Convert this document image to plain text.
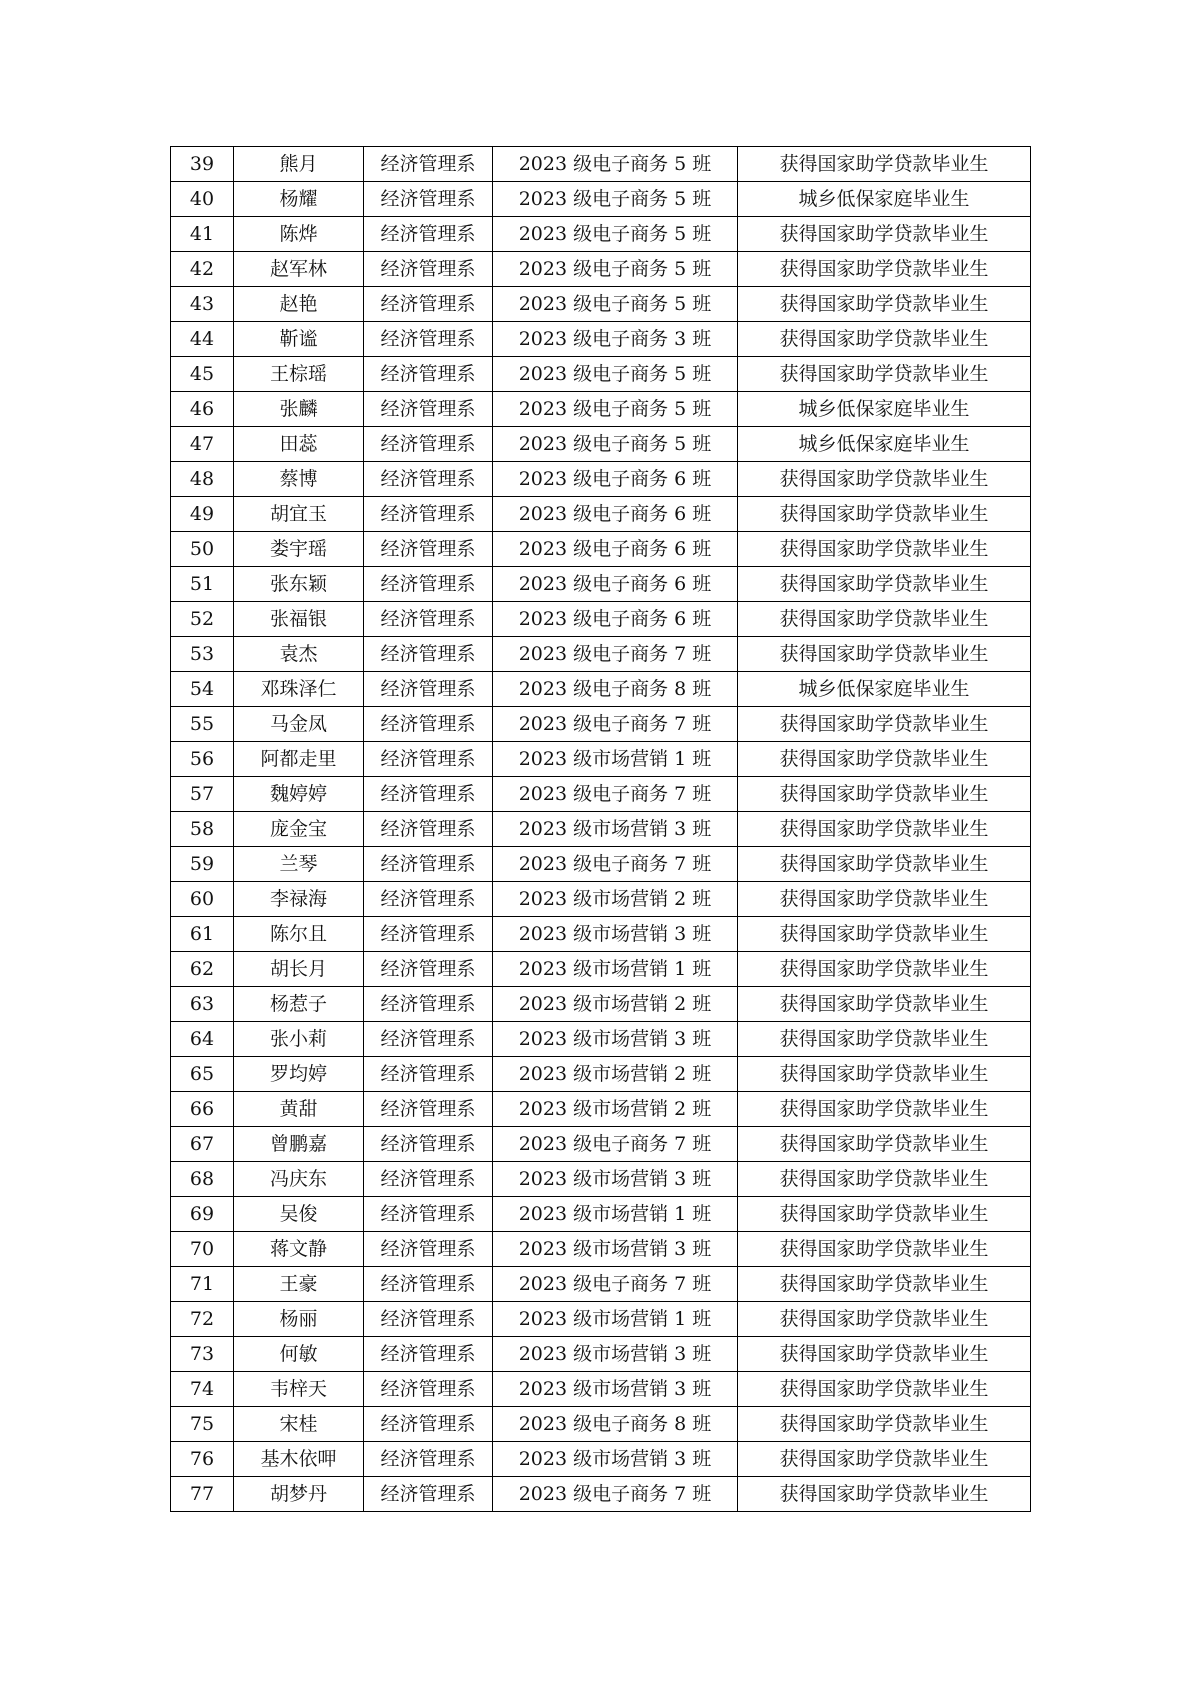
39	熊月	经济管理系	2023 级电子商务 5 班	获得国家助学贷款毕业生
40	杨耀	经济管理系	2023 级电子商务 5 班	城乡低保家庭毕业生
41	陈烨	经济管理系	2023 级电子商务 5 班	获得国家助学贷款毕业生
42	赵军林	经济管理系	2023 级电子商务 5 班	获得国家助学贷款毕业生
43	赵艳	经济管理系	2023 级电子商务 5 班	获得国家助学贷款毕业生
44	靳谧	经济管理系	2023 级电子商务 3 班	获得国家助学贷款毕业生
45	王棕瑶	经济管理系	2023 级电子商务 5 班	获得国家助学贷款毕业生
46	张麟	经济管理系	2023 级电子商务 5 班	城乡低保家庭毕业生
47	田蕊	经济管理系	2023 级电子商务 5 班	城乡低保家庭毕业生
48	蔡博	经济管理系	2023 级电子商务 6 班	获得国家助学贷款毕业生
49	胡宜玉	经济管理系	2023 级电子商务 6 班	获得国家助学贷款毕业生
50	娄宇瑶	经济管理系	2023 级电子商务 6 班	获得国家助学贷款毕业生
51	张东颖	经济管理系	2023 级电子商务 6 班	获得国家助学贷款毕业生
52	张福银	经济管理系	2023 级电子商务 6 班	获得国家助学贷款毕业生
53	袁杰	经济管理系	2023 级电子商务 7 班	获得国家助学贷款毕业生
54	邓珠泽仁	经济管理系	2023 级电子商务 8 班	城乡低保家庭毕业生
55	马金凤	经济管理系	2023 级电子商务 7 班	获得国家助学贷款毕业生
56	阿都走里	经济管理系	2023 级市场营销 1 班	获得国家助学贷款毕业生
57	魏婷婷	经济管理系	2023 级电子商务 7 班	获得国家助学贷款毕业生
58	庞金宝	经济管理系	2023 级市场营销 3 班	获得国家助学贷款毕业生
59	兰琴	经济管理系	2023 级电子商务 7 班	获得国家助学贷款毕业生
60	李禄海	经济管理系	2023 级市场营销 2 班	获得国家助学贷款毕业生
61	陈尔且	经济管理系	2023 级市场营销 3 班	获得国家助学贷款毕业生
62	胡长月	经济管理系	2023 级市场营销 1 班	获得国家助学贷款毕业生
63	杨惹子	经济管理系	2023 级市场营销 2 班	获得国家助学贷款毕业生
64	张小莉	经济管理系	2023 级市场营销 3 班	获得国家助学贷款毕业生
65	罗均婷	经济管理系	2023 级市场营销 2 班	获得国家助学贷款毕业生
66	黄甜	经济管理系	2023 级市场营销 2 班	获得国家助学贷款毕业生
67	曾鹏嘉	经济管理系	2023 级电子商务 7 班	获得国家助学贷款毕业生
68	冯庆东	经济管理系	2023 级市场营销 3 班	获得国家助学贷款毕业生
69	吴俊	经济管理系	2023 级市场营销 1 班	获得国家助学贷款毕业生
70	蒋文静	经济管理系	2023 级市场营销 3 班	获得国家助学贷款毕业生
71	王豪	经济管理系	2023 级电子商务 7 班	获得国家助学贷款毕业生
72	杨丽	经济管理系	2023 级市场营销 1 班	获得国家助学贷款毕业生
73	何敏	经济管理系	2023 级市场营销 3 班	获得国家助学贷款毕业生
74	韦梓天	经济管理系	2023 级市场营销 3 班	获得国家助学贷款毕业生
75	宋桂	经济管理系	2023 级电子商务 8 班	获得国家助学贷款毕业生
76	基木依呷	经济管理系	2023 级市场营销 3 班	获得国家助学贷款毕业生
77	胡梦丹	经济管理系	2023 级电子商务 7 班	获得国家助学贷款毕业生
